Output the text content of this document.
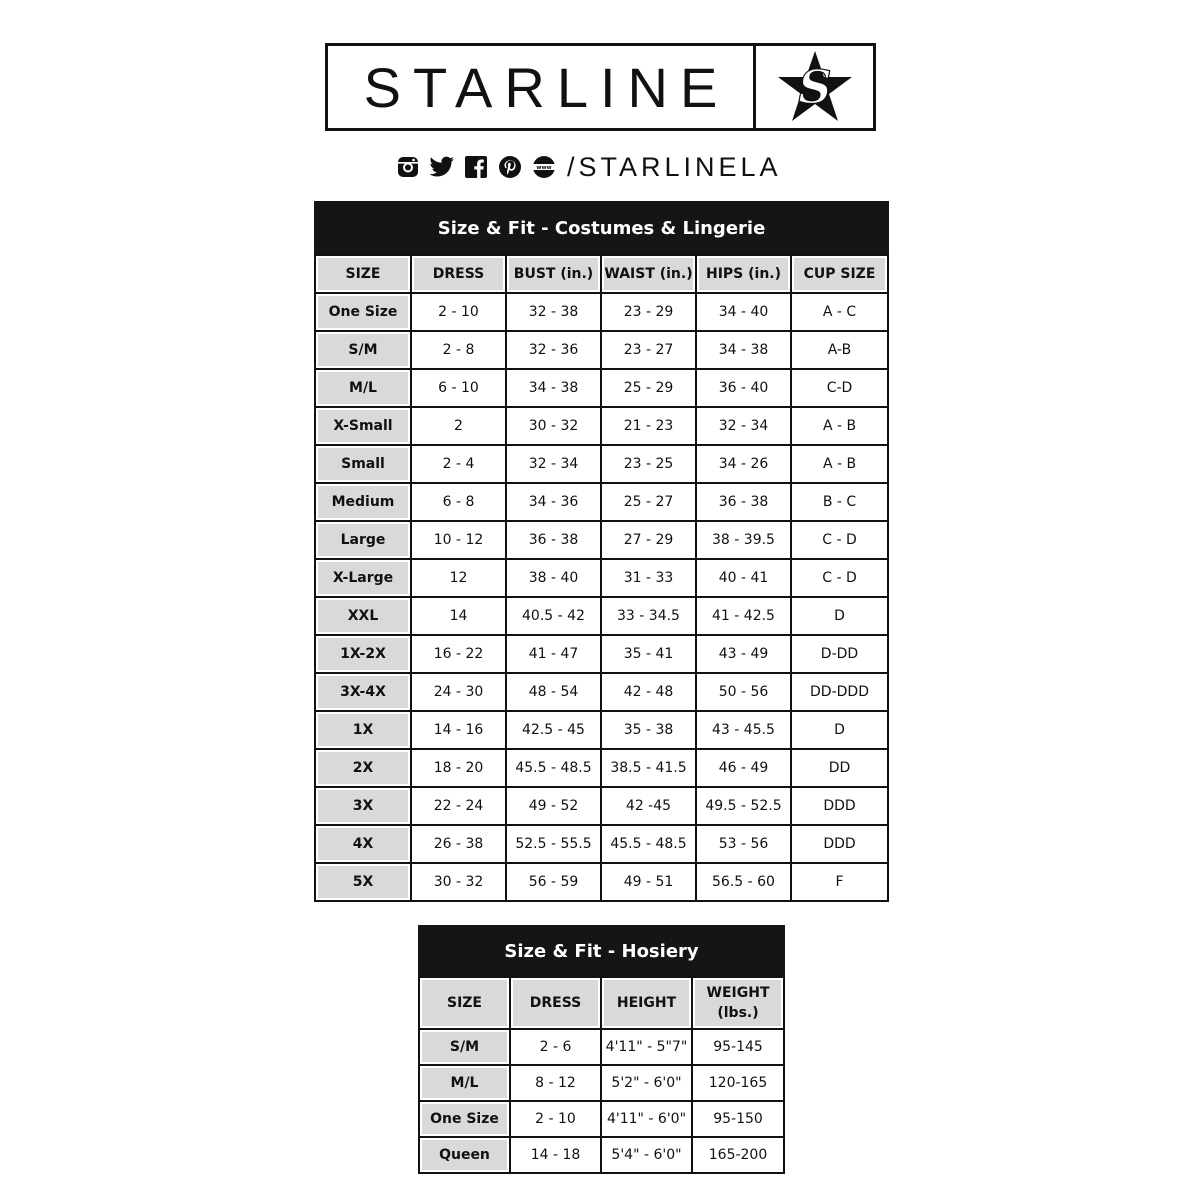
STARLINE	S
www /STARLINELA
Size & Fit - Costumes & Lingerie					

SIZE	DRESS	BUST (in.)	WAIST (in.)	HIPS (in.)	CUP SIZE

One Size	2 - 10	32 - 38	23 - 29	34 - 40	A - C

S/M	2 - 8	32 - 36	23 - 27	34 - 38	A-B

M/L	6 - 10	34 - 38	25 - 29	36 - 40	C-D

X-Small	2	30 - 32	21 - 23	32 - 34	A - B

Small	2 - 4	32 - 34	23 - 25	34 - 26	A - B

Medium	6 - 8	34 - 36	25 - 27	36 - 38	B - C

Large	10 - 12	36 - 38	27 - 29	38 - 39.5	C - D

X-Large	12	38 - 40	31 - 33	40 - 41	C - D

XXL	14	40.5 - 42	33 - 34.5	41 - 42.5	D

1X-2X	16 - 22	41 - 47	35 - 41	43 - 49	D-DD

3X-4X	24 - 30	48 - 54	42 - 48	50 - 56	DD-DDD

1X	14 - 16	42.5 - 45	35 - 38	43 - 45.5	D

2X	18 - 20	45.5 - 48.5	38.5 - 41.5	46 - 49	DD

3X	22 - 24	49 - 52	42 -45	49.5 - 52.5	DDD

4X	26 - 38	52.5 - 55.5	45.5 - 48.5	53 - 56	DDD

5X	30 - 32	56 - 59	49 - 51	56.5 - 60	F
Size & Fit - Hosiery			

SIZE	DRESS	HEIGHT	WEIGHT
(lbs.)

S/M	2 - 6	4'11" - 5"7"	95-145

M/L	8 - 12	5'2" - 6'0"	120-165

One Size	2 - 10	4'11" - 6'0"	95-150

Queen	14 - 18	5'4" - 6'0"	165-200
